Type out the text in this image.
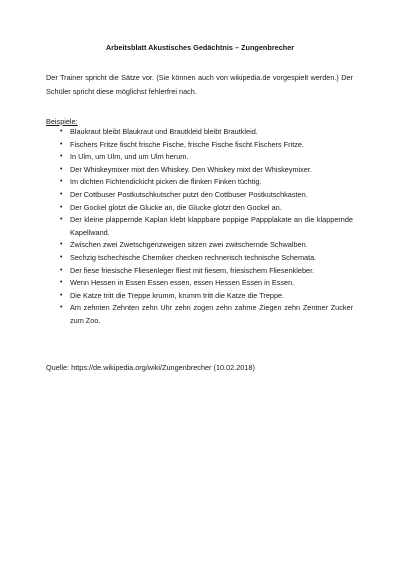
Arbeitsblatt Akustisches Gedächtnis – Zungenbrecher
Der Trainer spricht die Sätze vor. (Sie können auch von wikipedia.de vorgespielt werden.) Der Schüler spricht diese möglichst fehlerfrei nach.
Beispiele:
• Blaukraut bleibt Blaukraut und Brautkleid bleibt Brautkleid.
• Fischers Fritze fischt frische Fische, frische Fische fischt Fischers Fritze.
• In Ulm, um Ulm, und um Ulm herum.
• Der Whiskeymixer mixt den Whiskey. Den Whiskey mixt der Whiskeymixer.
• Im dichten Fichtendickicht picken die flinken Finken tüchtig.
• Der Cottbuser Postkutschkutscher putzt den Cottbuser Postkutschkasten.
• Der Gockel glotzt die Glucke an, die Glucke glotzt den Gockel an.
• Der kleine plappernde Kaplan klebt klappbare poppige Pappplakate an die klappernde Kapellwand.
• Zwischen zwei Zwetschgenzweigen sitzen zwei zwitschernde Schwalben.
• Sechzig tschechische Chemiker checken rechnerisch technische Schemata.
• Der fiese friesische Fliesenleger fliest mit fiesem, friesischem Fliesenkleber.
• Wenn Hessen in Essen Essen essen, essen Hessen Essen in Essen.
• Die Katze tritt die Treppe krumm, krumm tritt die Katze die Treppe.
• Am zehnten Zehnten zehn Uhr zehn zogen zehn zahme Ziegen zehn Zentner Zucker zum Zoo.
Quelle: https://de.wikipedia.org/wiki/Zungenbrecher (10.02.2018)
